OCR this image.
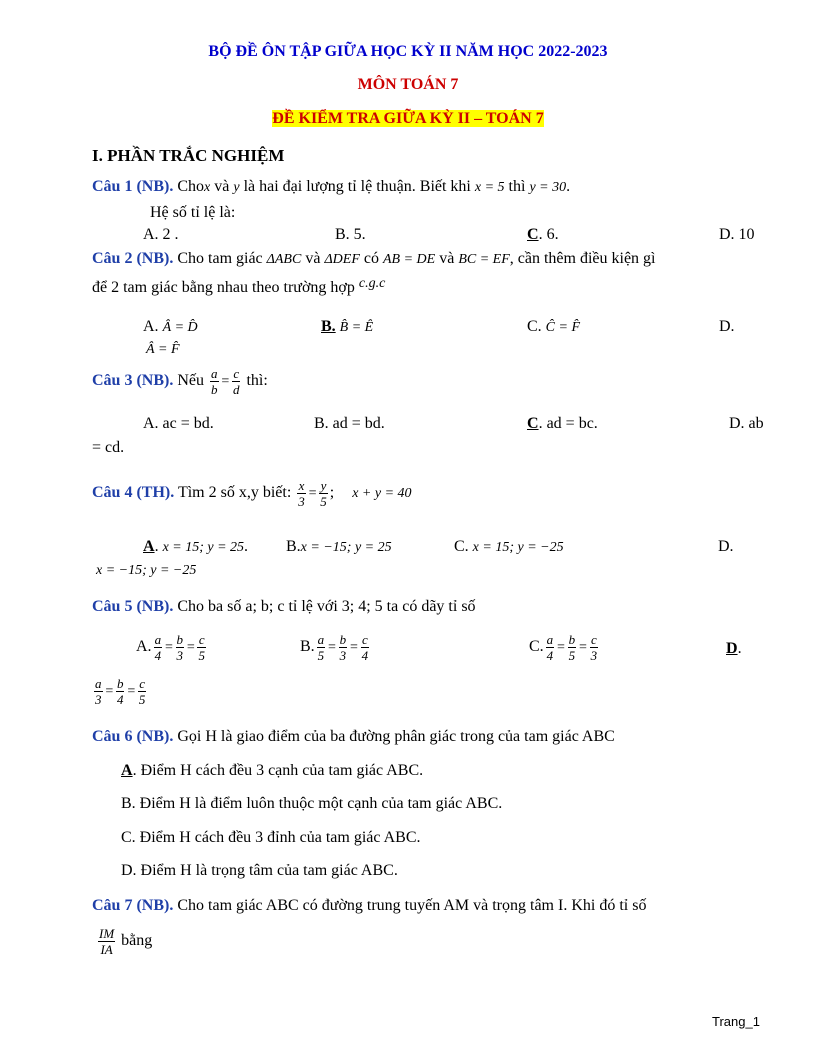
BỘ ĐỀ ÔN TẬP GIỮA HỌC KỲ II NĂM HỌC 2022-2023
MÔN TOÁN 7
ĐỀ KIỂM TRA GIỮA KỲ II – TOÁN 7
I. PHẦN TRẮC NGHIỆM
Câu 1 (NB). Chox và y là hai đại lượng tỉ lệ thuận. Biết khi x = 5 thì y = 30.
Hệ số tỉ lệ là:
A. 2 .	B. 5.	C. 6.	D. 10
Câu 2 (NB). Cho tam giác ΔABC và ΔDEF có AB = DE và BC = EF, cần thêm điều kiện gì
để 2 tam giác bằng nhau theo trường hợp c.g.c
A. Â = D̂	B. B̂ = Ê	C. Ĉ = F̂	D.
Â = F̂
Câu 3 (NB). Nếu $\frac{a}{b} = \frac{c}{d}$ thì:
A. ac = bd.	B. ad = bd.	C. ad = bc.	D. ab
= cd.
Câu 4 (TH). Tìm 2 số x,y biết: $\frac{x}{3} = \frac{y}{5}$ ; x + y = 40
A. x = 15; y = 25. B.x = −15; y = 25	C. x = 15; y = −25	D.
x = −15; y = −25
Câu 5 (NB). Cho ba số a; b; c tỉ lệ với 3; 4; 5 ta có dãy tỉ số
A. $\frac{a}{4} = \frac{b}{3} = \frac{c}{5}$	B. $\frac{a}{5} = \frac{b}{3} = \frac{c}{4}$	C. $\frac{a}{4} = \frac{b}{5} = \frac{c}{3}$	D.
$\frac{a}{3} = \frac{b}{4} = \frac{c}{5}$
Câu 6 (NB). Gọi H là giao điểm của ba đường phân giác trong của tam giác ABC
A. Điểm H cách đều 3 cạnh của tam giác ABC.
B. Điểm H là điểm luôn thuộc một cạnh của tam giác ABC.
C. Điểm H cách đều 3 đỉnh của tam giác ABC.
D. Điểm H là trọng tâm của tam giác ABC.
Câu 7 (NB). Cho tam giác ABC có đường trung tuyến AM và trọng tâm I. Khi đó tỉ số
$\frac{IM}{IA}$ bằng
Trang_1
